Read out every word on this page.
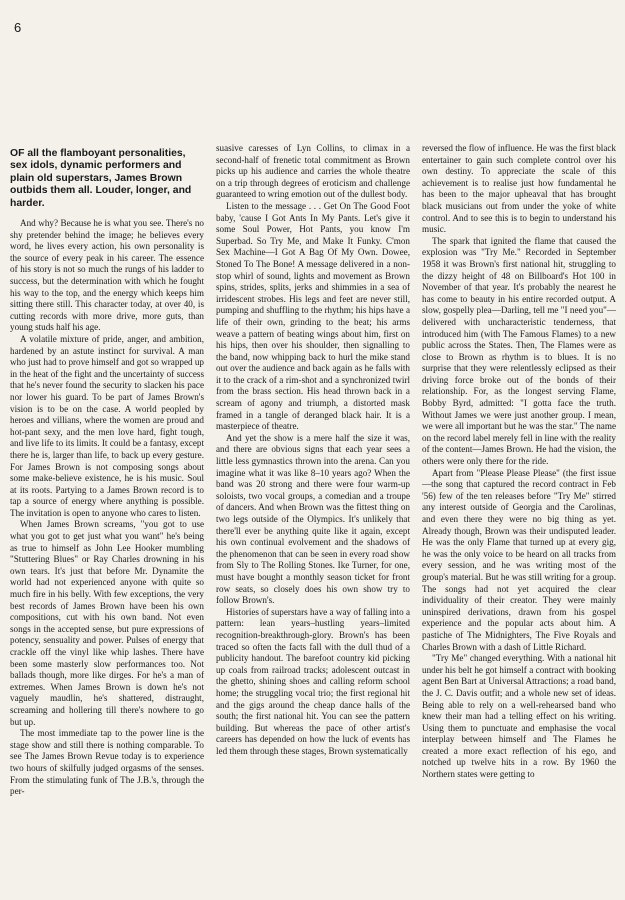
6
OF all the flamboyant personalities, sex idols, dynamic performers and plain old superstars, James Brown outbids them all. Louder, longer, and harder.

And why? Because he is what you see. There's no shy pretender behind the image; he believes every word, he lives every action, his own personality is the source of every peak in his career. The essence of his story is not so much the rungs of his ladder to success, but the determination with which he fought his way to the top, and the energy which keeps him sitting there still. This character today, at over 40, is cutting records with more drive, more guts, than young studs half his age.

A volatile mixture of pride, anger, and ambition, hardened by an astute instinct for survival. A man who just had to prove himself and got so wrapped up in the heat of the fight and the uncertainty of success that he's never found the security to slacken his pace nor lower his guard. To be part of James Brown's vision is to be on the case. A world peopled by heroes and villians, where the women are proud and hot-pant sexy, and the men love hard, fight tough, and live life to its limits. It could be a fantasy, except there he is, larger than life, to back up every gesture. For James Brown is not composing songs about some make-believe existence, he is his music. Soul at its roots. Partying to a James Brown record is to tap a source of energy where anything is possible. The invitation is open to anyone who cares to listen.

When James Brown screams, "you got to use what you got to get just what you want" he's being as true to himself as John Lee Hooker mumbling "Stuttering Blues" or Ray Charles drowning in his own tears. It's just that before Mr. Dynamite the world had not experienced anyone with quite so much fire in his belly. With few exceptions, the very best records of James Brown have been his own compositions, cut with his own band. Not even songs in the accepted sense, but pure expressions of potency, sensuality and power. Pulses of energy that crackle off the vinyl like whip lashes. There have been some masterly slow performances too. Not ballads though, more like dirges. For he's a man of extremes. When James Brown is down he's not vaguely maudlin, he's shattered, distraught, screaming and hollering till there's nowhere to go but up.

The most immediate tap to the power line is the stage show and still there is nothing comparable. To see The James Brown Revue today is to experience two hours of skilfully judged orgasms of the senses. From the stimulating funk of The J.B.'s, through the per-

suasive caresses of Lyn Collins, to climax in a second-half of frenetic total commitment as Brown picks up his audience and carries the whole theatre on a trip through degrees of eroticism and challenge guaranteed to wring emotion out of the dullest body.

Listen to the message . . . Get On The Good Foot baby, 'cause I Got Ants In My Pants. Let's give it some Soul Power, Hot Pants, you know I'm Superbad. So Try Me, and Make It Funky. C'mon Sex Machine—I Got A Bag Of My Own. Dowee, Stoned To The Bone! A message delivered in a non-stop whirl of sound, lights and movement as Brown spins, strides, splits, jerks and shimmies in a sea of irridescent strobes. His legs and feet are never still, pumping and shuffling to the rhythm; his hips have a life of their own, grinding to the beat; his arms weave a pattern of beating wings about him, first on his hips, then over his shoulder, then signalling to the band, now whipping back to hurl the mike stand out over the audience and back again as he falls with it to the crack of a rim-shot and a synchronized twirl from the brass section. His head thrown back in a scream of agony and triumph, a distorted mask framed in a tangle of deranged black hair. It is a masterpiece of theatre.

And yet the show is a mere half the size it was, and there are obvious signs that each year sees a little less gymnastics thrown into the arena. Can you imagine what it was like 8–10 years ago? When the band was 20 strong and there were four warm-up soloists, two vocal groups, a comedian and a troupe of dancers. And when Brown was the fittest thing on two legs outside of the Olympics. It's unlikely that there'll ever be anything quite like it again, except his own continual evolvement and the shadows of the phenomenon that can be seen in every road show from Sly to The Rolling Stones. Ike Turner, for one, must have bought a monthly season ticket for front row seats, so closely does his own show try to follow Brown's.

Histories of superstars have a way of falling into a pattern: lean years–hustling years–limited recognition-breakthrough-glory. Brown's has been traced so often the facts fall with the dull thud of a publicity handout. The barefoot country kid picking up coals from railroad tracks; adolescent outcast in the ghetto, shining shoes and calling reform school home; the struggling vocal trio; the first regional hit and the gigs around the cheap dance halls of the south; the first national hit. You can see the pattern building. But whereas the pace of other artist's careers has depended on how the luck of events has led them through these stages, Brown systematically

reversed the flow of influence. He was the first black entertainer to gain such complete control over his own destiny. To appreciate the scale of this achievement is to realise just how fundamental he has been to the major upheaval that has brought black musicians out from under the yoke of white control. And to see this is to begin to understand his music.

The spark that ignited the flame that caused the explosion was "Try Me." Recorded in September 1958 it was Brown's first national hit, struggling to the dizzy height of 48 on Billboard's Hot 100 in November of that year. It's probably the nearest he has come to beauty in his entire recorded output. A slow, gospelly plea—Darling, tell me "I need you"—delivered with uncharacteristic tenderness, that introduced him (with The Famous Flames) to a new public across the States. Then, The Flames were as close to Brown as rhythm is to blues. It is no surprise that they were relentlessly eclipsed as their driving force broke out of the bonds of their relationship. For, as the longest serving Flame, Bobby Byrd, admitted: "I gotta face the truth. Without James we were just another group. I mean, we were all important but he was the star." The name on the record label merely fell in line with the reality of the content—James Brown. He had the vision, the others were only there for the ride.

Apart from "Please Please Please" (the first issue—the song that captured the record contract in Feb '56) few of the ten releases before "Try Me" stirred any interest outside of Georgia and the Carolinas, and even there they were no big thing as yet. Already though, Brown was their undisputed leader. He was the only Flame that turned up at every gig, he was the only voice to be heard on all tracks from every session, and he was writing most of the group's material. But he was still writing for a group. The songs had not yet acquired the clear individuality of their creator. They were mainly uninspired derivations, drawn from his gospel experience and the popular acts about him. A pastiche of The Midnighters, The Five Royals and Charles Brown with a dash of Little Richard.

"Try Me" changed everything. With a national hit under his belt he got himself a contract with booking agent Ben Bart at Universal Attractions; a road band, the J. C. Davis outfit; and a whole new set of ideas. Being able to rely on a well-rehearsed band who knew their man had a telling effect on his writing. Using them to punctuate and emphasise the vocal interplay between himself and The Flames he created a more exact reflection of his ego, and notched up twelve hits in a row. By 1960 the Northern states were getting to
